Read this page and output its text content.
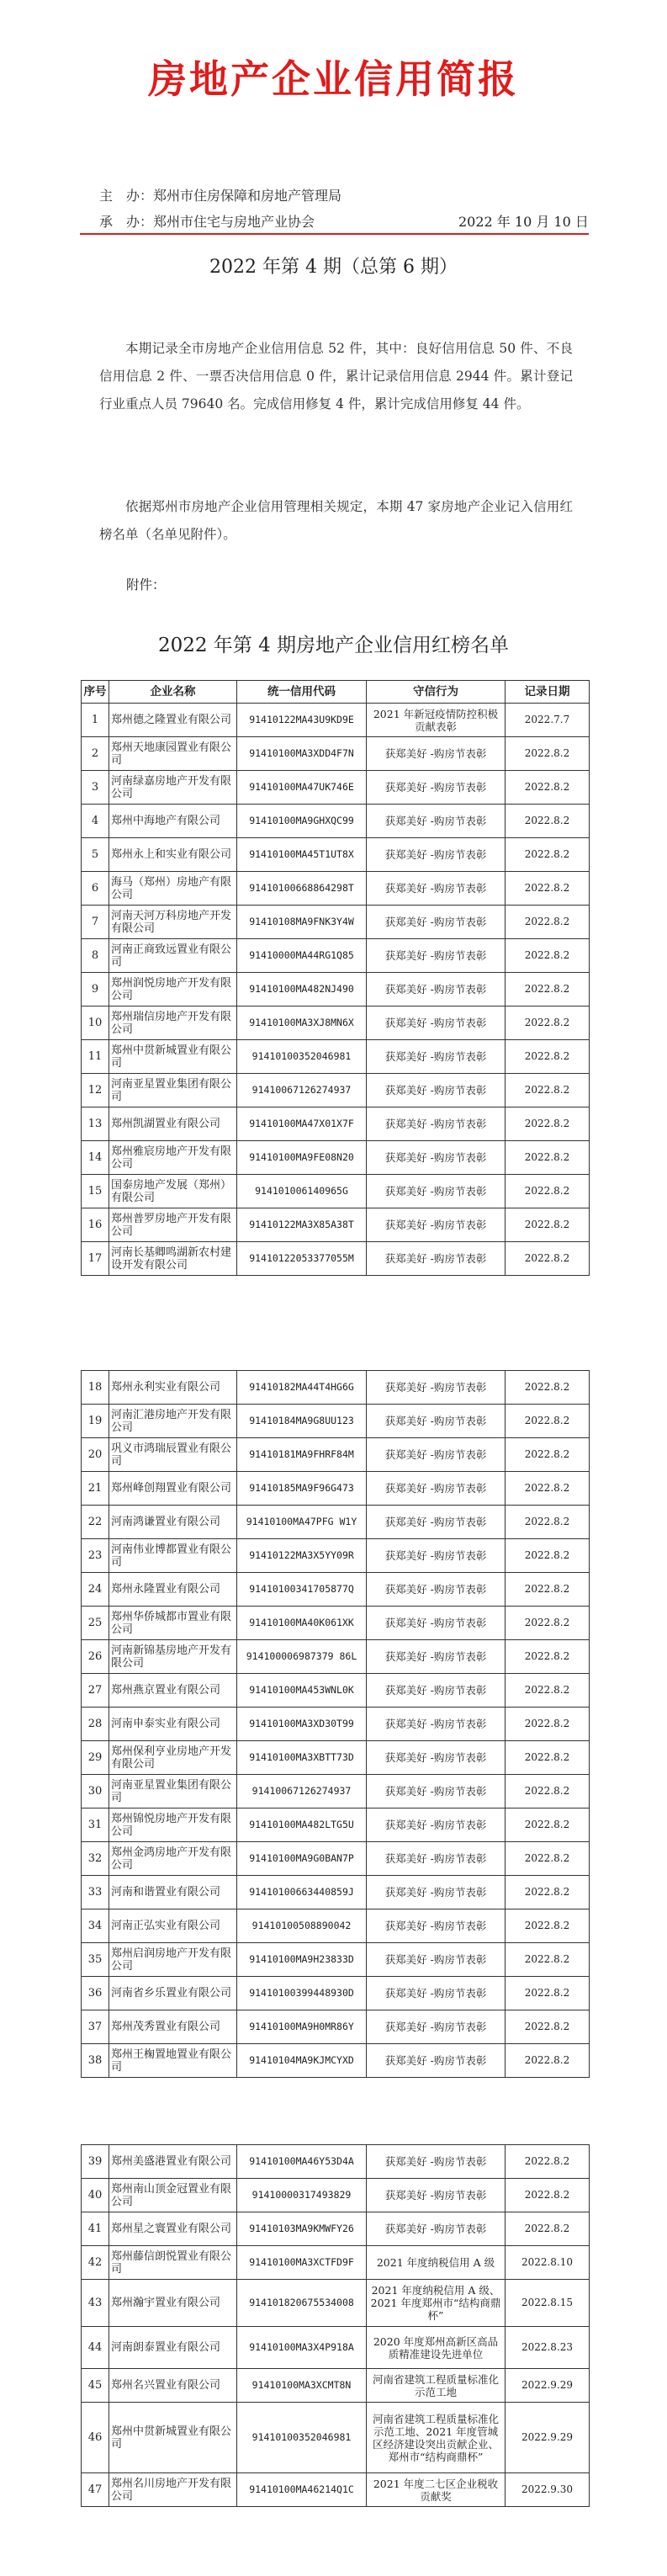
房地产企业信用简报
主　办：郑州市住房保障和房地产管理局
承　办：郑州市住宅与房地产业协会	2022 年 10 月 10 日
2022 年第 4 期（总第 6 期）
本期记录全市房地产企业信用信息 52 件，其中：良好信用信息 50 件、不良信用信息 2 件、一票否决信用信息 0 件，累计记录信用信息 2944 件。累计登记行业重点人员 79640 名。完成信用修复 4 件，累计完成信用修复 44 件。
依据郑州市房地产企业信用管理相关规定，本期 47 家房地产企业记入信用红榜名单（名单见附件）。
附件：
2022 年第 4 期房地产企业信用红榜名单
序号	企业名称	统一信用代码	守信行为	记录日期
1	郑州德之隆置业有限公司	91410122MA43U9KD9E	2021 年新冠疫情防控积极贡献表彰	2022.7.7
2	郑州天地康园置业有限公司	91410100MA3XDD4F7N	获郑美好 -购房节表彰	2022.8.2
3	河南绿嘉房地产开发有限公司	91410100MA47UK746E	获郑美好 -购房节表彰	2022.8.2
4	郑州中海地产有限公司	91410100MA9GHXQC99	获郑美好 -购房节表彰	2022.8.2
5	郑州永上和实业有限公司	91410100MA45T1UT8X	获郑美好 -购房节表彰	2022.8.2
6	海马（郑州）房地产有限公司	91410100668864298T	获郑美好 -购房节表彰	2022.8.2
7	河南天河万科房地产开发有限公司	91410108MA9FNK3Y4W	获郑美好 -购房节表彰	2022.8.2
8	河南正商致远置业有限公司	91410000MA44RG1Q85	获郑美好 -购房节表彰	2022.8.2
9	郑州润悦房地产开发有限公司	91410100MA482NJ490	获郑美好 -购房节表彰	2022.8.2
10	郑州瑞信房地产开发有限公司	91410100MA3XJ8MN6X	获郑美好 -购房节表彰	2022.8.2
11	郑州中贯新城置业有限公司	91410100352046981	获郑美好 -购房节表彰	2022.8.2
12	河南亚星置业集团有限公司	91410067126274937	获郑美好 -购房节表彰	2022.8.2
13	郑州凯湖置业有限公司	91410100MA47X01X7F	获郑美好 -购房节表彰	2022.8.2
14	郑州雅宸房地产开发有限公司	91410100MA9FE08N20	获郑美好 -购房节表彰	2022.8.2
15	国泰房地产发展（郑州）有限公司	914101006140965G	获郑美好 -购房节表彰	2022.8.2
16	郑州普罗房地产开发有限公司	91410122MA3X85A38T	获郑美好 -购房节表彰	2022.8.2
17	河南长基卿鸣湖新农村建设开发有限公司	91410122053377055M	获郑美好 -购房节表彰	2022.8.2
18	郑州永利实业有限公司	91410182MA44T4HG6G	获郑美好 -购房节表彰	2022.8.2
19	河南汇港房地产开发有限公司	91410184MA9G8UU123	获郑美好 -购房节表彰	2022.8.2
20	巩义市鸿瑞辰置业有限公司	91410181MA9FHRF84M	获郑美好 -购房节表彰	2022.8.2
21	郑州峰创翔置业有限公司	91410185MA9F96G473	获郑美好 -购房节表彰	2022.8.2
22	河南鸿谦置业有限公司	91410100MA47PFG W1Y	获郑美好 -购房节表彰	2022.8.2
23	河南伟业博都置业有限公司	91410122MA3X5YY09R	获郑美好 -购房节表彰	2022.8.2
24	郑州永隆置业有限公司	91410100341705877Q	获郑美好 -购房节表彰	2022.8.2
25	郑州华侨城都市置业有限公司	91410100MA40K061XK	获郑美好 -购房节表彰	2022.8.2
26	河南新锦基房地产开发有限公司	914100006987379 86L	获郑美好 -购房节表彰	2022.8.2
27	郑州燕京置业有限公司	91410100MA453WNL0K	获郑美好 -购房节表彰	2022.8.2
28	河南申泰实业有限公司	91410100MA3XD30T99	获郑美好 -购房节表彰	2022.8.2
29	郑州保利亨业房地产开发有限公司	91410100MA3XBTT73D	获郑美好 -购房节表彰	2022.8.2
30	河南亚星置业集团有限公司	91410067126274937	获郑美好 -购房节表彰	2022.8.2
31	郑州锦悦房地产开发有限公司	91410100MA482LTG5U	获郑美好 -购房节表彰	2022.8.2
32	郑州金鸿房地产开发有限公司	91410100MA9G0BAN7P	获郑美好 -购房节表彰	2022.8.2
33	河南和谐置业有限公司	91410100663440859J	获郑美好 -购房节表彰	2022.8.2
34	河南正弘实业有限公司	91410100508890042	获郑美好 -购房节表彰	2022.8.2
35	郑州启润房地产开发有限公司	91410100MA9H23833D	获郑美好 -购房节表彰	2022.8.2
36	河南省乡乐置业有限公司	91410100399448930D	获郑美好 -购房节表彰	2022.8.2
37	郑州茂秀置业有限公司	91410100MA9H0MR86Y	获郑美好 -购房节表彰	2022.8.2
38	郑州王椈置地置业有限公司	91410104MA9KJMCYXD	获郑美好 -购房节表彰	2022.8.2
39	郑州美盛港置业有限公司	91410100MA46Y53D4A	获郑美好 -购房节表彰	2022.8.2
40	郑州南山顶金冠置业有限公司	91410000317493829	获郑美好 -购房节表彰	2022.8.2
41	郑州星之寰置业有限公司	91410103MA9KMWFY26	获郑美好 -购房节表彰	2022.8.2
42	郑州藤信朗悦置业有限公司	91410100MA3XCTFD9F	2021 年度纳税信用 A 级	2022.8.10
43	郑州瀚宇置业有限公司	914101820675534008	2021 年度纳税信用 A 级、2021 年度郑州市“结构商鼎杯”	2022.8.15
44	河南朗泰置业有限公司	91410100MA3X4P918A	2020 年度郑州高新区高品质精准建设先进单位	2022.8.23
45	郑州名兴置业有限公司	91410100MA3XCMT8N	河南省建筑工程质量标准化示范工地	2022.9.29
46	郑州中贯新城置业有限公司	91410100352046981	河南省建筑工程质量标准化示范工地、2021 年度管城区经济建设突出贡献企业、郑州市“结构商鼎杯”	2022.9.29
47	郑州名川房地产开发有限公司	91410100MA46214Q1C	2021 年度二七区企业税收贡献奖	2022.9.30
